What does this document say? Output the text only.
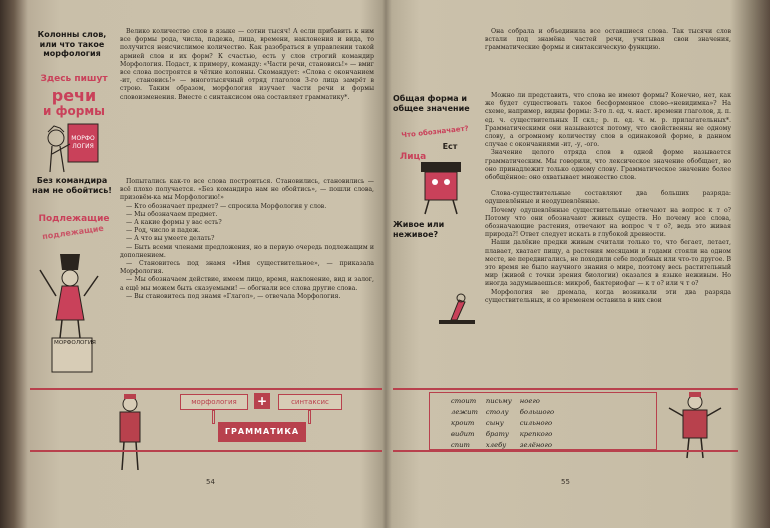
Колонны слов, или что такое морфология
Здесь пишут
речи
и формы
МОРФО
ЛОГИЯ
Без командира нам не обойтись!
Подлежащие
подлежащие
МОРФОЛОГИЯ

Велико количество слов в языке — сотни тысяч! А если прибавить к ним все формы рода, числа, падежа, лица, времени, наклонения и вида, то получится неисчислимое количество. Как разобраться в управлении такой армией слов и их форм? К счастью, есть у слов строгий командир Морфология. Подаст, к примеру, команду: «Части речи, становись!» — вмиг все слова построятся в чёткие колонны. Скомандует: «Слова с окончанием -ит, становись!» — многотысячный отряд глаголов 3-го лица замрёт в строю. Таким образом, морфология изучает части речи и формы словоизменения. Вместе с синтаксисом она составляет грамматику*.

Попытались как-то все слова построиться. Становились, становились — всё плохо получается. «Без командира нам не обойтись», — пошли слова, призовём-ка мы Морфологию!»

— Кто обозначает предмет? — спросила Морфология у слов.

— Мы обозначаем предмет.

— А какие формы у вас есть?

— Род, число и падеж.

— А что вы умеете делать?

— Быть всеми членами предложения, но в первую очередь подлежащим и дополнением.

— Становитесь под знамя «Имя существительное», — приказала Морфология.

— Мы обозначаем действие, имеем лицо, время, наклонение, вид и залог, а ещё мы можем быть сказуемыми! — обогнали все слова другие слова.

— Вы становитесь под знамя «Глагол», — отвечала Морфология.

морфология	+	синтаксис
ГРАММАТИКА
54

Она собрала и объединила все оставшиеся слова. Так тысячи слов встали под знамёна частей речи, учитывая свои значения, грамматические формы и синтаксическую функцию.

Общая форма и общее значение
Что обозначает?
Ест
Лица
Живое или неживое?

Можно ли представить, что слова не имеют формы? Конечно, нет, как же будет существовать такое бесформенное слово-«невидимка»? На схеме, например, видны формы: 3-го л. ед. ч. наст. времени глаголов, д. п. ед. ч. существительных II скл.; р. п. ед. ч. м. р. прилагательных*. Грамматическими они называются потому, что свойственны не одному слову, а огромному количеству слов в одинаковой форме, в данном случае с окончаниями -ит, -у, -ого.

Значение целого отряда слов в одной форме называется грамматическим. Мы говорили, что лексическое значение обобщает, но оно принадлежит только одному слову. Грамматическое значение более обобщённое: оно охватывает множество слов.

Слова-существительные составляют два больших разряда: одушевлённые и неодушевлённые.

Почему одушевлённые существительные отвечают на вопрос к т о? Потому что они обозначают живых существ. Но почему все слова, обозначающие растения, отвечают на вопрос ч т о?, ведь это живая природа?! Ответ следует искать в глубокой древности.

Наши далёкие предки живым считали только то, что бегает, летает, плавает, хватает пищу, а растения месяцами и годами стояли на одном месте, не передвигались, не походили себе подобных или что-то другое. В это время не было научного знания о мире, поэтому весь растительный мир (живой с точки зрения биологии) оказался в языке неживым. Но иногда задумываешься: микроб, бактериофаг — к т о? или ч т о?

Морфология не дремала, когда возникали эти два разряда существительных, и со временем оставила в них свои

стоит	письму	ноего
лежит	столу	большого
кроит	сыну	сильного
видит	брату	крепкого
спит	хлебу	зелёного
55
